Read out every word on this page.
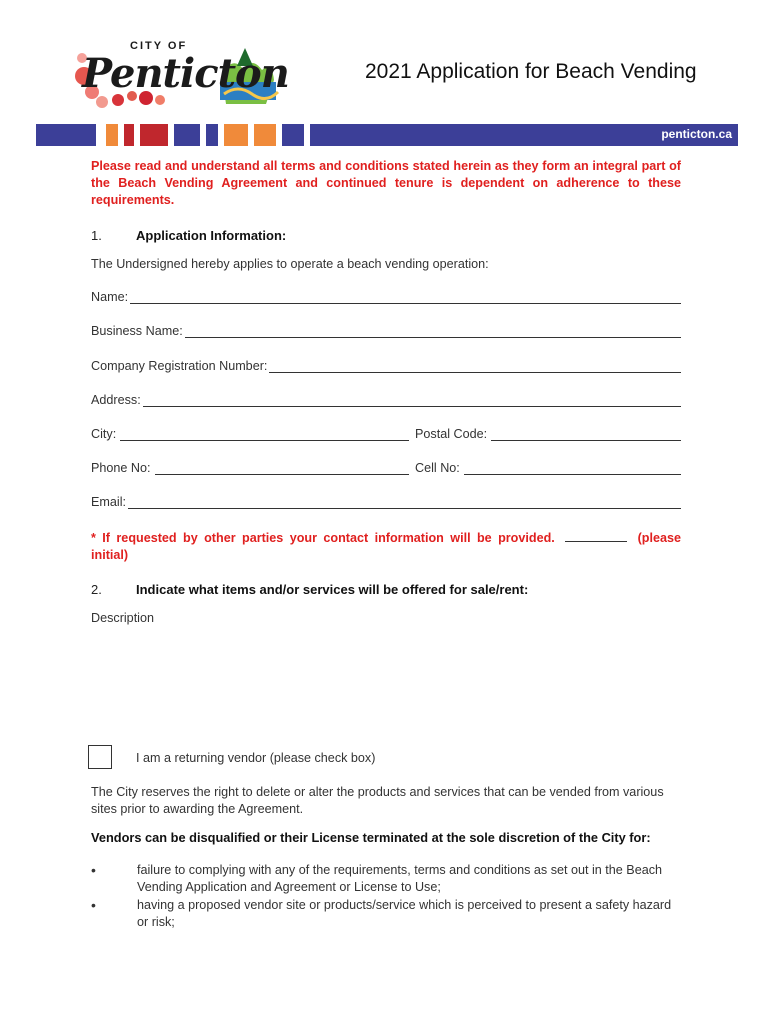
CITY OF
Penticton	2021 Application for Beach Vending
penticton.ca
Please read and understand all terms and conditions stated herein as they form an integral part of the Beach Vending Agreement and continued tenure is dependent on adherence to these requirements.
1.	Application Information:
The Undersigned hereby applies to operate a beach vending operation:
Name:
Business Name:
Company Registration Number:
Address:
City:	Postal Code:
Phone No:	Cell No:
Email:
* If requested by other parties your contact information will be provided.	(please initial)
2.	Indicate what items and/or services will be offered for sale/rent:
Description
I am a returning vendor (please check box)
The City reserves the right to delete or alter the products and services that can be vended from various sites prior to awarding the Agreement.
Vendors can be disqualified or their License terminated at the sole discretion of the City for:
•	failure to complying with any of the requirements, terms and conditions as set out in the Beach Vending Application and Agreement or License to Use;
•	having a proposed vendor site or products/service which is perceived to present a safety hazard or risk;
